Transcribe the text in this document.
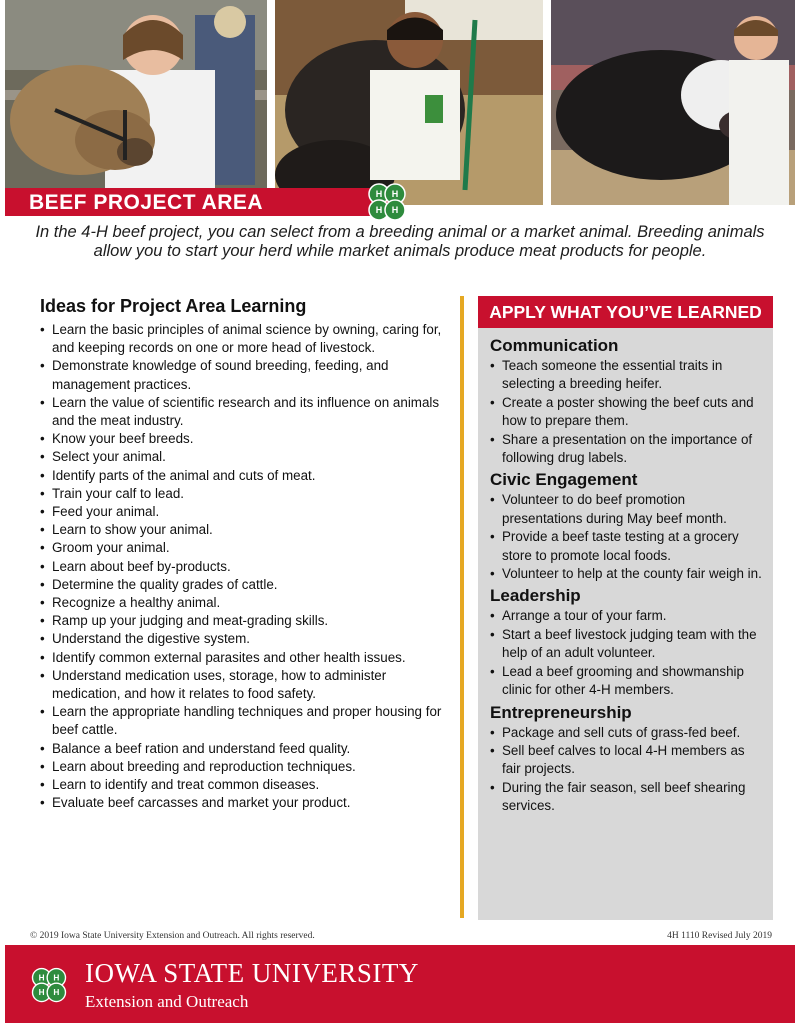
BEEF PROJECT AREA	H H
H H
In the 4-H beef project, you can select from a breeding animal or a market animal. Breeding animals allow you to start your herd while market animals produce meat products for people.
Ideas for Project Area Learning
• Learn the basic principles of animal science by owning, caring for, and keeping records on one or more head of livestock.
• Demonstrate knowledge of sound breeding, feeding, and management practices.
• Learn the value of scientific research and its influence on animals and the meat industry.
• Know your beef breeds.
• Select your animal.
• Identify parts of the animal and cuts of meat.
• Train your calf to lead.
• Feed your animal.
• Learn to show your animal.
• Groom your animal.
• Learn about beef by-products.
• Determine the quality grades of cattle.
• Recognize a healthy animal.
• Ramp up your judging and meat-grading skills.
• Understand the digestive system.
• Identify common external parasites and other health issues.
• Understand medication uses, storage, how to administer medication, and how it relates to food safety.
• Learn the appropriate handling techniques and proper housing for beef cattle.
• Balance a beef ration and understand feed quality.
• Learn about breeding and reproduction techniques.
• Learn to identify and treat common diseases.
• Evaluate beef carcasses and market your product.
APPLY WHAT YOU’VE LEARNED
Communication
• Teach someone the essential traits in selecting a breeding heifer.
• Create a poster showing the beef cuts and how to prepare them.
• Share a presentation on the importance of following drug labels.
Civic Engagement
• Volunteer to do beef promotion presentations during May beef month.
• Provide a beef taste testing at a grocery store to promote local foods.
• Volunteer to help at the county fair weigh in.
Leadership
• Arrange a tour of your farm.
• Start a beef livestock judging team with the help of an adult volunteer.
• Lead a beef grooming and showmanship clinic for other 4-H members.
Entrepreneurship
• Package and sell cuts of grass-fed beef.
• Sell beef calves to local 4-H members as fair projects.
• During the fair season, sell beef shearing services.
© 2019 Iowa State University Extension and Outreach. All rights reserved.	4H 1110 Revised July 2019
H H
H H
IOWA STATE UNIVERSITY
Extension and Outreach
